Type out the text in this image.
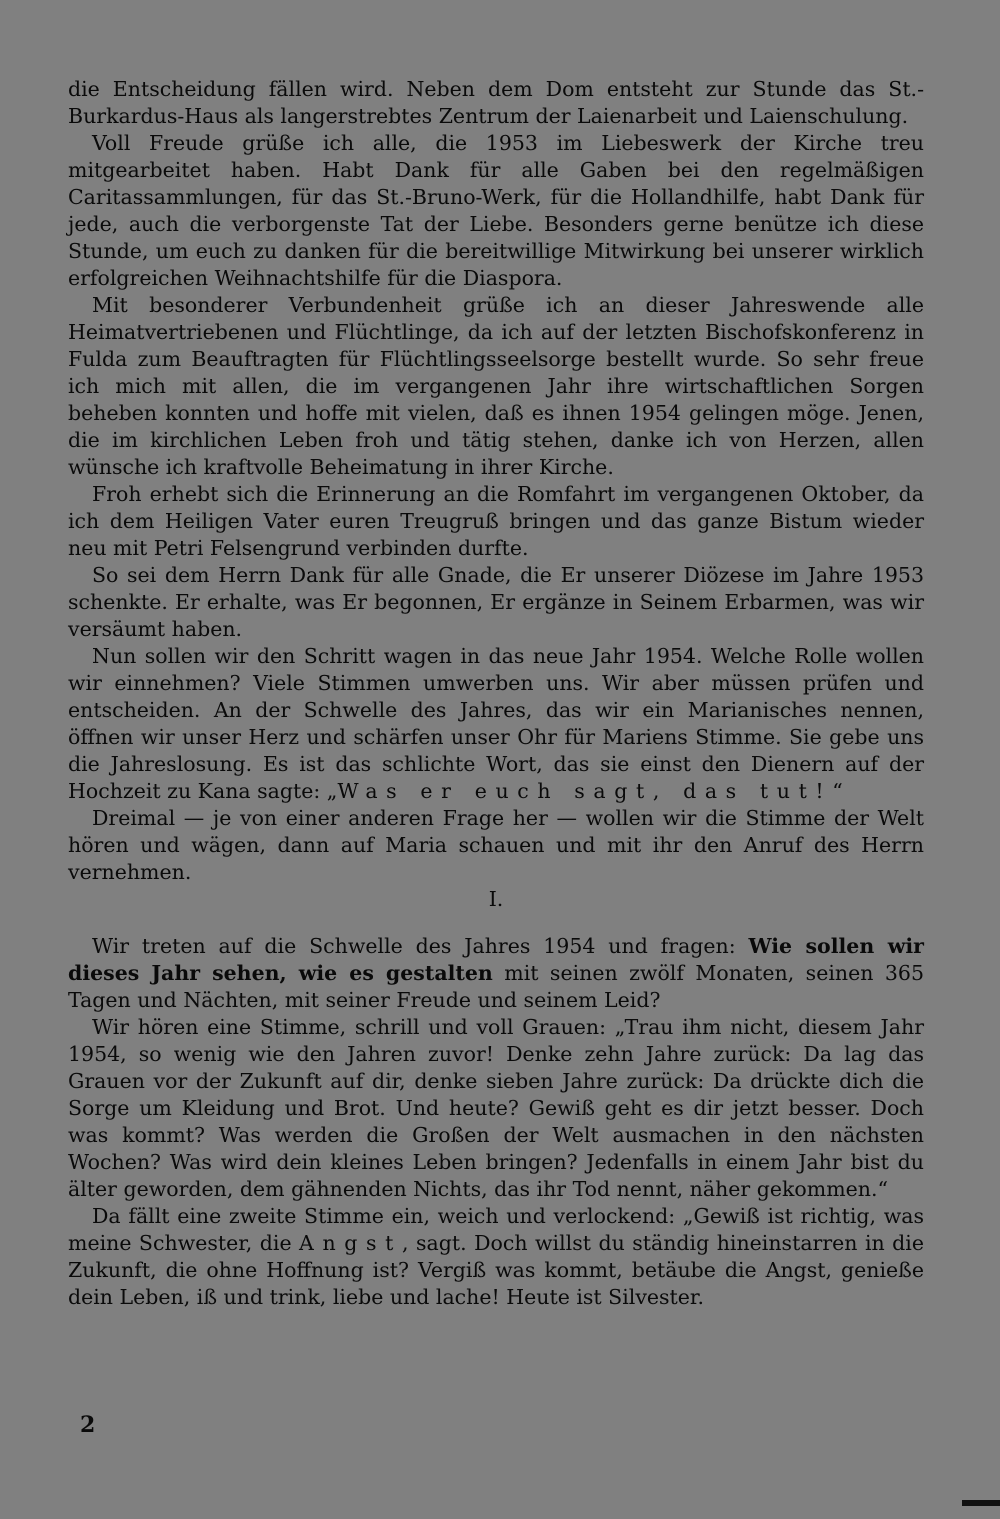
die Entscheidung fällen wird. Neben dem Dom entsteht zur Stunde das St.-Burkardus-Haus als langerstrebtes Zentrum der Laienarbeit und Laienschulung.

Voll Freude grüße ich alle, die 1953 im Liebeswerk der Kirche treu mitgearbeitet haben. Habt Dank für alle Gaben bei den regelmäßigen Caritassammlungen, für das St.-Bruno-Werk, für die Hollandhilfe, habt Dank für jede, auch die verborgenste Tat der Liebe. Besonders gerne benütze ich diese Stunde, um euch zu danken für die bereitwillige Mitwirkung bei unserer wirklich erfolgreichen Weihnachtshilfe für die Diaspora.

Mit besonderer Verbundenheit grüße ich an dieser Jahreswende alle Heimatvertriebenen und Flüchtlinge, da ich auf der letzten Bischofskonferenz in Fulda zum Beauftragten für Flüchtlingsseelsorge bestellt wurde. So sehr freue ich mich mit allen, die im vergangenen Jahr ihre wirtschaftlichen Sorgen beheben konnten und hoffe mit vielen, daß es ihnen 1954 gelingen möge. Jenen, die im kirchlichen Leben froh und tätig stehen, danke ich von Herzen, allen wünsche ich kraftvolle Beheimatung in ihrer Kirche.

Froh erhebt sich die Erinnerung an die Romfahrt im vergangenen Oktober, da ich dem Heiligen Vater euren Treugruß bringen und das ganze Bistum wieder neu mit Petri Felsengrund verbinden durfte.

So sei dem Herrn Dank für alle Gnade, die Er unserer Diözese im Jahre 1953 schenkte. Er erhalte, was Er begonnen, Er ergänze in Seinem Erbarmen, was wir versäumt haben.

Nun sollen wir den Schritt wagen in das neue Jahr 1954. Welche Rolle wollen wir einnehmen? Viele Stimmen umwerben uns. Wir aber müssen prüfen und entscheiden. An der Schwelle des Jahres, das wir ein Marianisches nennen, öffnen wir unser Herz und schärfen unser Ohr für Mariens Stimme. Sie gebe uns die Jahreslosung. Es ist das schlichte Wort, das sie einst den Dienern auf der Hochzeit zu Kana sagte: „Was er euch sagt, das tut!“

Dreimal — je von einer anderen Frage her — wollen wir die Stimme der Welt hören und wägen, dann auf Maria schauen und mit ihr den Anruf des Herrn vernehmen.

I.

Wir treten auf die Schwelle des Jahres 1954 und fragen: Wie sollen wir dieses Jahr sehen, wie es gestalten mit seinen zwölf Monaten, seinen 365 Tagen und Nächten, mit seiner Freude und seinem Leid?

Wir hören eine Stimme, schrill und voll Grauen: „Trau ihm nicht, diesem Jahr 1954, so wenig wie den Jahren zuvor! Denke zehn Jahre zurück: Da lag das Grauen vor der Zukunft auf dir, denke sieben Jahre zurück: Da drückte dich die Sorge um Kleidung und Brot. Und heute? Gewiß geht es dir jetzt besser. Doch was kommt? Was werden die Großen der Welt ausmachen in den nächsten Wochen? Was wird dein kleines Leben bringen? Jedenfalls in einem Jahr bist du älter geworden, dem gähnenden Nichts, das ihr Tod nennt, näher gekommen.“

Da fällt eine zweite Stimme ein, weich und verlockend: „Gewiß ist richtig, was meine Schwester, die Angst, sagt. Doch willst du ständig hineinstarren in die Zukunft, die ohne Hoffnung ist? Vergiß was kommt, betäube die Angst, genieße dein Leben, iß und trink, liebe und lache! Heute ist Silvester.

2
